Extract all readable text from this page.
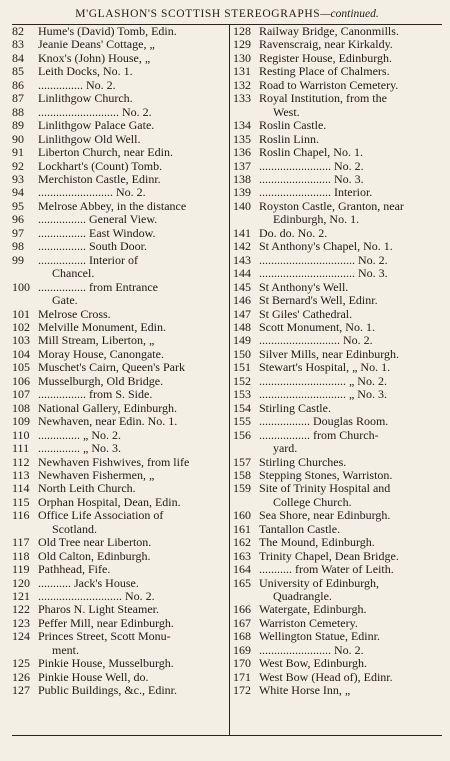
M'GLASHON'S SCOTTISH STEREOGRAPHS—continued.
82	Hume's (David) Tomb, Edin.
83	Jeanie Deans' Cottage, „
84	Knox's (John) House, „
85	Leith Docks, No. 1.
86	............... No. 2.
87	Linlithgow Church.
88	........................... No. 2.
89	Linlithgow Palace Gate.
90	Linlithgow Old Well.
91	Liberton Church, near Edin.
92	Lockhart's (Count) Tomb.
93	Merchiston Castle, Edinr.
94	......................... No. 2.
95	Melrose Abbey, in the distance
96	................ General View.
97	................ East Window.
98	................ South Door.
99	................ Interior of
Chancel.
100 ................ from Entrance
Gate.
101 Melrose Cross.
102 Melville Monument, Edin.
103 Mill Stream, Liberton, „
104 Moray House, Canongate.
105 Muschet's Cairn, Queen's Park
106 Musselburgh, Old Bridge.
107 ................ from S. Side.
108 National Gallery, Edinburgh.
109 Newhaven, near Edin. No. 1.
110 .............. „ No. 2.
111 .............. „ No. 3.
112 Newhaven Fishwives, from life
113 Newhaven Fishermen, „
114 North Leith Church.
115 Orphan Hospital, Dean, Edin.
116 Office Life Association of
Scotland.
117 Old Tree near Liberton.
118 Old Calton, Edinburgh.
119 Pathhead, Fife.
120 ........... Jack's House.
121 ............................ No. 2.
122 Pharos N. Light Steamer.
123 Peffer Mill, near Edinburgh.
124 Princes Street, Scott Monu-
ment.
125 Pinkie House, Musselburgh.
126 Pinkie House Well, do.
127 Public Buildings, &c., Edinr.
128 Railway Bridge, Canonmills.
129 Ravenscraig, near Kirkaldy.
130 Register House, Edinburgh.
131 Resting Place of Chalmers.
132 Road to Warriston Cemetery.
133 Royal Institution, from the
West.
134 Roslin Castle.
135 Roslin Linn.
136 Roslin Chapel, No. 1.
137 ........................ No. 2.
138 ........................ No. 3.
139 ........................ Interior.
140 Royston Castle, Granton, near
Edinburgh, No. 1.
141 Do. do. No. 2.
142 St Anthony's Chapel, No. 1.
143 ................................ No. 2.
144 ................................ No. 3.
145 St Anthony's Well.
146 St Bernard's Well, Edinr.
147 St Giles' Cathedral.
148 Scott Monument, No. 1.
149 ........................... No. 2.
150 Silver Mills, near Edinburgh.
151 Stewart's Hospital, „ No. 1.
152 ............................. „ No. 2.
153 ............................. „ No. 3.
154 Stirling Castle.
155 ................. Douglas Room.
156 ................. from Church-
yard.
157 Stirling Churches.
158 Stepping Stones, Warriston.
159 Site of Trinity Hospital and
College Church.
160 Sea Shore, near Edinburgh.
161 Tantallon Castle.
162 The Mound, Edinburgh.
163 Trinity Chapel, Dean Bridge.
164 ........... from Water of Leith.
165 University of Edinburgh,
Quadrangle.
166 Watergate, Edinburgh.
167 Warriston Cemetery.
168 Wellington Statue, Edinr.
169 ........................ No. 2.
170 West Bow, Edinburgh.
171 West Bow (Head of), Edinr.
172 White Horse Inn, „
